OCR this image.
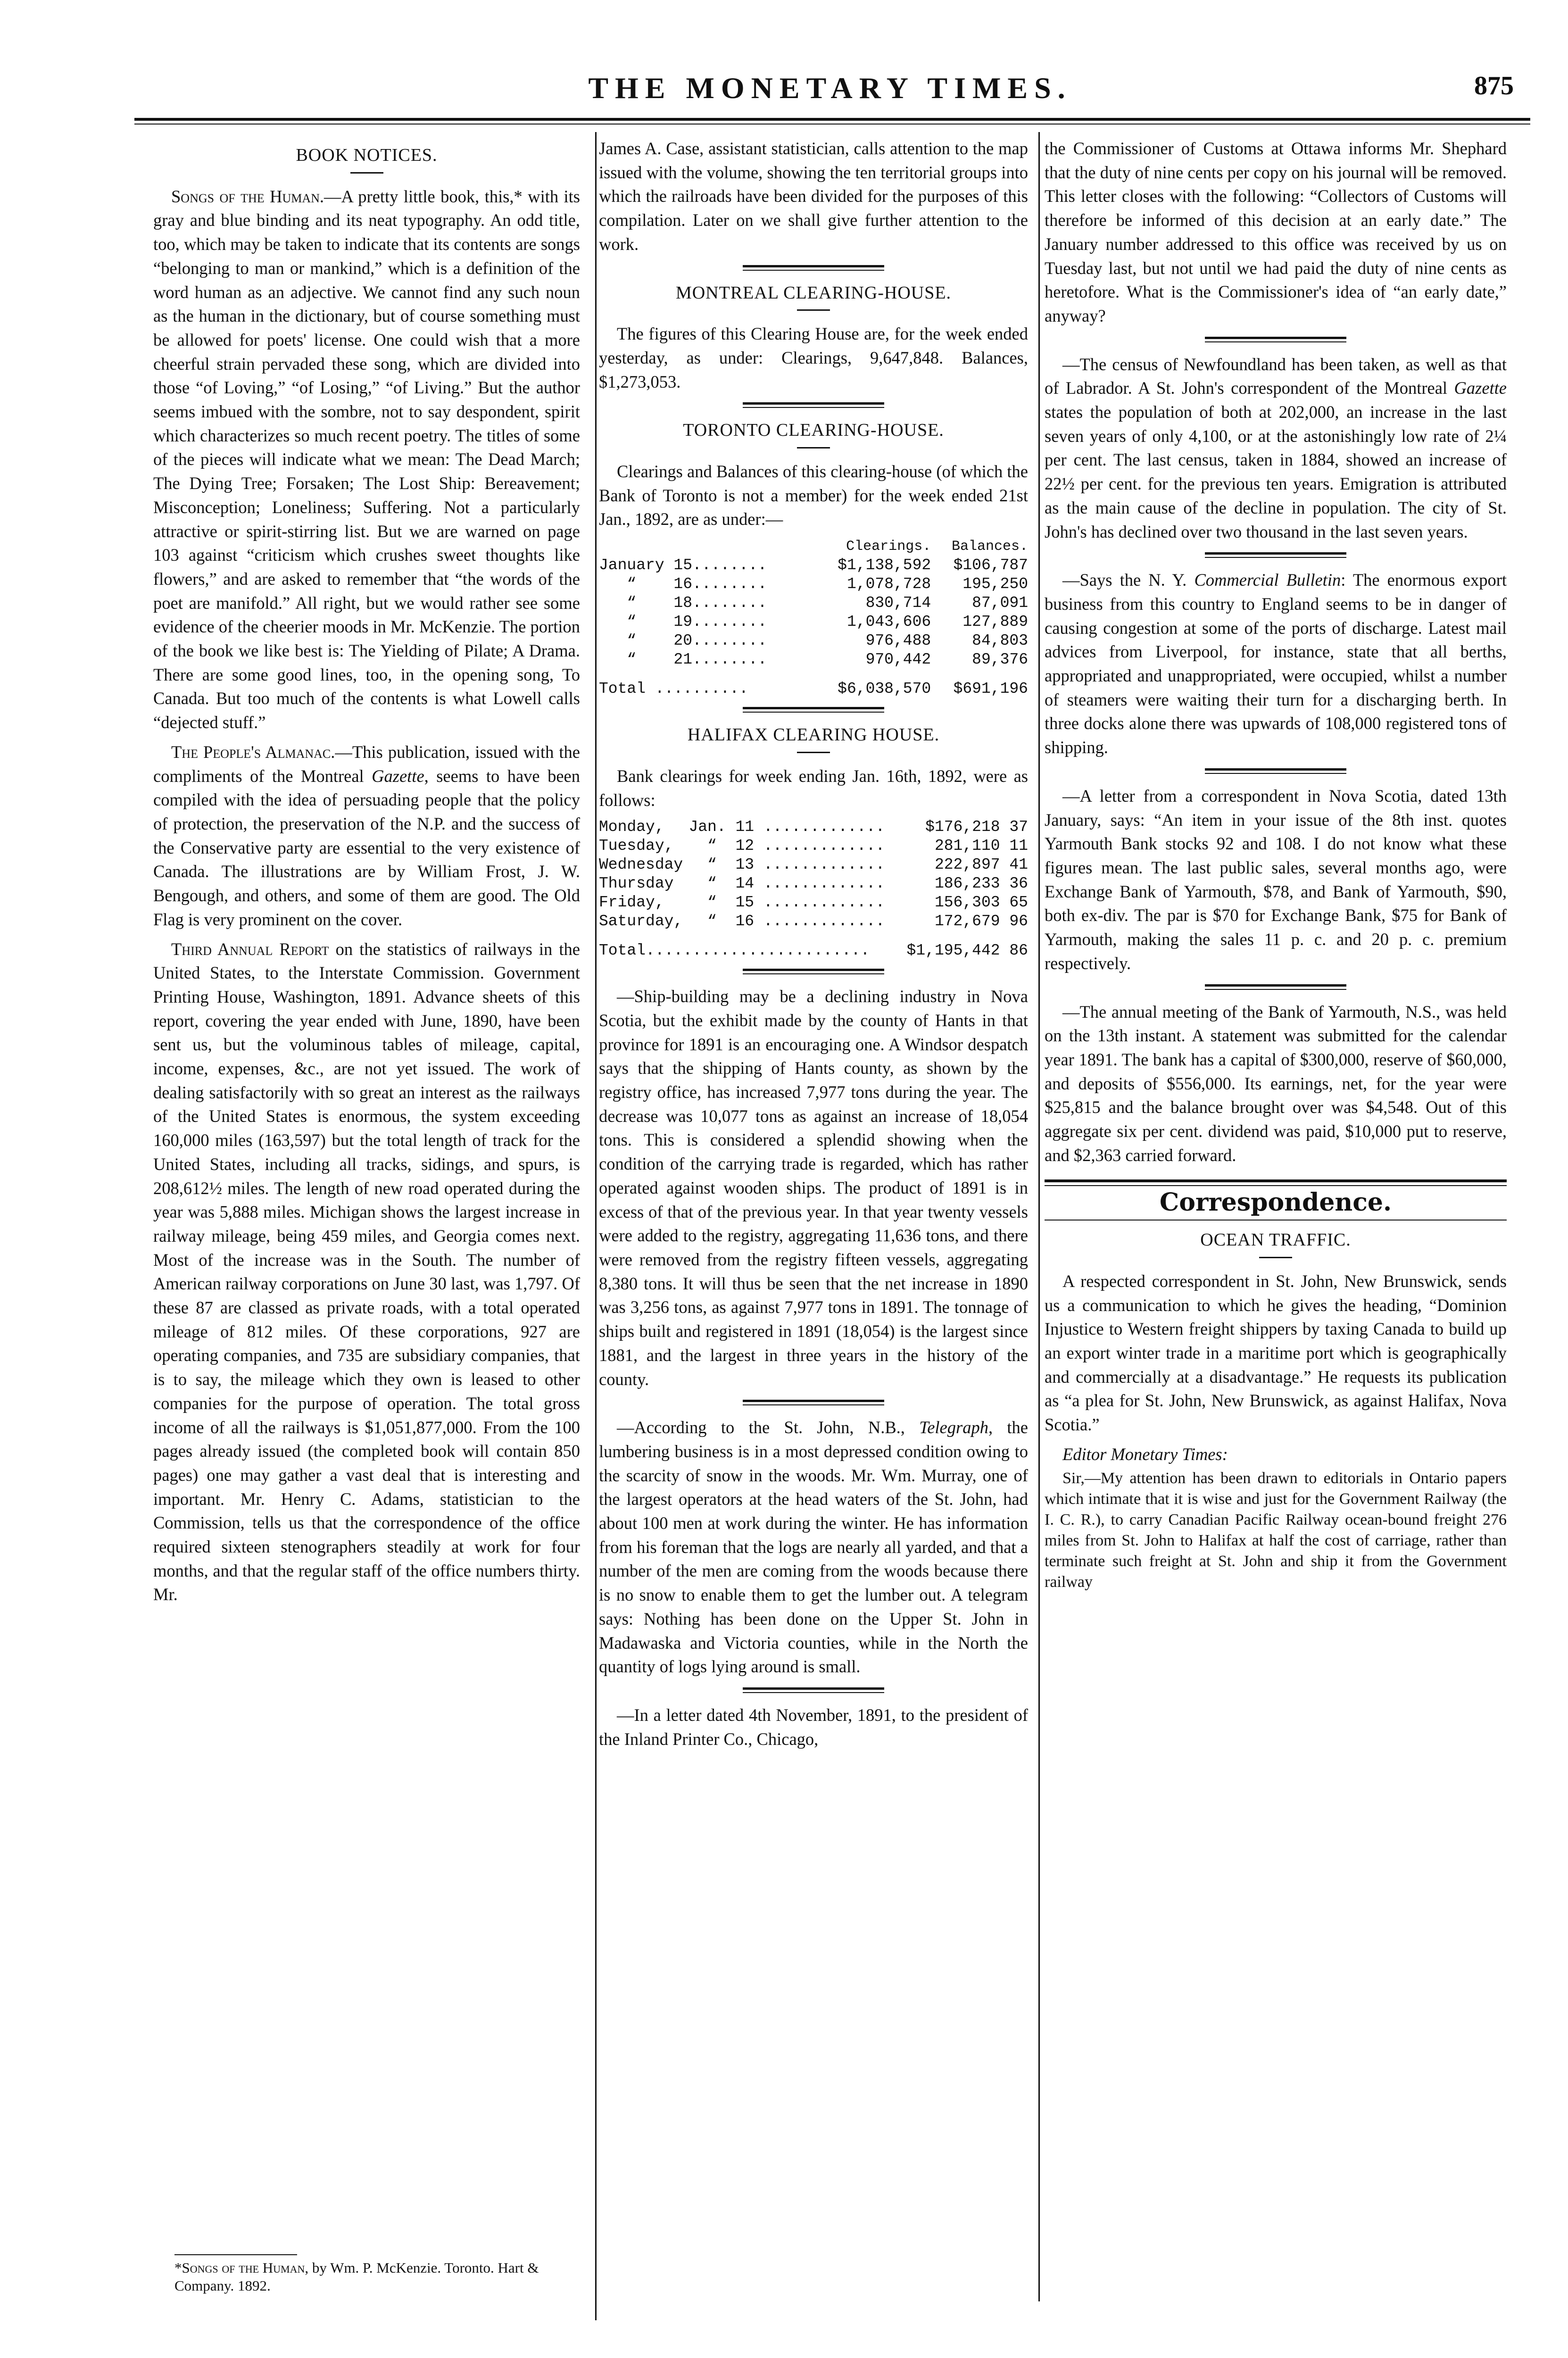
THE MONETARY TIMES.	875
BOOK NOTICES.

Songs of the Human.—A pretty little book, this,* with its gray and blue binding and its neat typography. An odd title, too, which may be taken to indicate that its contents are songs “belonging to man or mankind,” which is a definition of the word human as an adjective. We cannot find any such noun as the human in the dictionary, but of course something must be allowed for poets' license. One could wish that a more cheerful strain pervaded these song, which are divided into those “of Loving,” “of Losing,” “of Living.” But the author seems imbued with the sombre, not to say despondent, spirit which characterizes so much recent poetry. The titles of some of the pieces will indicate what we mean: The Dead March; The Dying Tree; Forsaken; The Lost Ship: Bereavement; Misconception; Loneliness; Suffering. Not a particularly attractive or spirit-stirring list. But we are warned on page 103 against “criticism which crushes sweet thoughts like flowers,” and are asked to remember that “the words of the poet are manifold.” All right, but we would rather see some evidence of the cheerier moods in Mr. McKenzie. The portion of the book we like best is: The Yielding of Pilate; A Drama. There are some good lines, too, in the opening song, To Canada. But too much of the contents is what Lowell calls “dejected stuff.”

The People's Almanac.—This publication, issued with the compliments of the Montreal Gazette, seems to have been compiled with the idea of persuading people that the policy of protection, the preservation of the N.P. and the success of the Conservative party are essential to the very existence of Canada. The illustrations are by William Frost, J. W. Bengough, and others, and some of them are good. The Old Flag is very prominent on the cover.

Third Annual Report on the statistics of railways in the United States, to the Interstate Commission. Government Printing House, Washington, 1891. Advance sheets of this report, covering the year ended with June, 1890, have been sent us, but the voluminous tables of mileage, capital, income, expenses, &c., are not yet issued. The work of dealing satisfactorily with so great an interest as the railways of the United States is enormous, the system exceeding 160,000 miles (163,597) but the total length of track for the United States, including all tracks, sidings, and spurs, is 208,612½ miles. The length of new road operated during the year was 5,888 miles. Michigan shows the largest increase in railway mileage, being 459 miles, and Georgia comes next. Most of the increase was in the South. The number of American railway corporations on June 30 last, was 1,797. Of these 87 are classed as private roads, with a total operated mileage of 812 miles. Of these corporations, 927 are operating companies, and 735 are subsidiary companies, that is to say, the mileage which they own is leased to other companies for the purpose of operation. The total gross income of all the railways is $1,051,877,000. From the 100 pages already issued (the completed book will contain 850 pages) one may gather a vast deal that is interesting and important. Mr. Henry C. Adams, statistician to the Commission, tells us that the correspondence of the office required sixteen stenographers steadily at work for four months, and that the regular staff of the office numbers thirty. Mr.

*Songs of the Human, by Wm. P. McKenzie. Toronto. Hart & Company. 1892.

James A. Case, assistant statistician, calls attention to the map issued with the volume, showing the ten territorial groups into which the railroads have been divided for the purposes of this compilation. Later on we shall give further attention to the work.

MONTREAL CLEARING-HOUSE.

The figures of this Clearing House are, for the week ended yesterday, as under: Clearings, 9,647,848. Balances, $1,273,053.

TORONTO CLEARING-HOUSE.

Clearings and Balances of this clearing-house (of which the Bank of Toronto is not a member) for the week ended 21st Jan., 1892, are as under:—

	Clearings.	Balances.
January 15........	$1,138,592	$106,787
“    16........	1,078,728	195,250
“    18........	830,714	87,091
“    19........	1,043,606	127,889
“    20........	976,488	84,803
“    21........	970,442	89,376
Total ..........	$6,038,570	$691,196
HALIFAX CLEARING HOUSE.

Bank clearings for week ending Jan. 16th, 1892, were as follows:

Monday,	Jan. 11 .............	$176,218 37
Tuesday,	“  12 .............	281,110 11
Wednesday	“  13 .............	222,897 41
Thursday	“  14 .............	186,233 36
Friday,	“  15 .............	156,303 65
Saturday,	“  16 .............	172,679 96
Total........................		$1,195,442 86

—Ship-building may be a declining industry in Nova Scotia, but the exhibit made by the county of Hants in that province for 1891 is an encouraging one. A Windsor despatch says that the shipping of Hants county, as shown by the registry office, has increased 7,977 tons during the year. The decrease was 10,077 tons as against an increase of 18,054 tons. This is considered a splendid showing when the condition of the carrying trade is regarded, which has rather operated against wooden ships. The product of 1891 is in excess of that of the previous year. In that year twenty vessels were added to the registry, aggregating 11,636 tons, and there were removed from the registry fifteen vessels, aggregating 8,380 tons. It will thus be seen that the net increase in 1890 was 3,256 tons, as against 7,977 tons in 1891. The tonnage of ships built and registered in 1891 (18,054) is the largest since 1881, and the largest in three years in the history of the county.

—According to the St. John, N.B., Telegraph, the lumbering business is in a most depressed condition owing to the scarcity of snow in the woods. Mr. Wm. Murray, one of the largest operators at the head waters of the St. John, had about 100 men at work during the winter. He has information from his foreman that the logs are nearly all yarded, and that a number of the men are coming from the woods because there is no snow to enable them to get the lumber out. A telegram says: Nothing has been done on the Upper St. John in Madawaska and Victoria counties, while in the North the quantity of logs lying around is small.

—In a letter dated 4th November, 1891, to the president of the Inland Printer Co., Chicago,

the Commissioner of Customs at Ottawa informs Mr. Shephard that the duty of nine cents per copy on his journal will be removed. This letter closes with the following: “Collectors of Customs will therefore be informed of this decision at an early date.” The January number addressed to this office was received by us on Tuesday last, but not until we had paid the duty of nine cents as heretofore. What is the Commissioner's idea of “an early date,” anyway?

—The census of Newfoundland has been taken, as well as that of Labrador. A St. John's correspondent of the Montreal Gazette states the population of both at 202,000, an increase in the last seven years of only 4,100, or at the astonishingly low rate of 2¼ per cent. The last census, taken in 1884, showed an increase of 22½ per cent. for the previous ten years. Emigration is attributed as the main cause of the decline in population. The city of St. John's has declined over two thousand in the last seven years.

—Says the N. Y. Commercial Bulletin: The enormous export business from this country to England seems to be in danger of causing congestion at some of the ports of discharge. Latest mail advices from Liverpool, for instance, state that all berths, appropriated and unappropriated, were occupied, whilst a number of steamers were waiting their turn for a discharging berth. In three docks alone there was upwards of 108,000 registered tons of shipping.

—A letter from a correspondent in Nova Scotia, dated 13th January, says: “An item in your issue of the 8th inst. quotes Yarmouth Bank stocks 92 and 108. I do not know what these figures mean. The last public sales, several months ago, were Exchange Bank of Yarmouth, $78, and Bank of Yarmouth, $90, both ex-div. The par is $70 for Exchange Bank, $75 for Bank of Yarmouth, making the sales 11 p. c. and 20 p. c. premium respectively.

—The annual meeting of the Bank of Yarmouth, N.S., was held on the 13th instant. A statement was submitted for the calendar year 1891. The bank has a capital of $300,000, reserve of $60,000, and deposits of $556,000. Its earnings, net, for the year were $25,815 and the balance brought over was $4,548. Out of this aggregate six per cent. dividend was paid, $10,000 put to reserve, and $2,363 carried forward.

Correspondence.
OCEAN TRAFFIC.

A respected correspondent in St. John, New Brunswick, sends us a communication to which he gives the heading, “Dominion Injustice to Western freight shippers by taxing Canada to build up an export winter trade in a maritime port which is geographically and commercially at a disadvantage.” He requests its publication as “a plea for St. John, New Brunswick, as against Halifax, Nova Scotia.”

Editor Monetary Times:

Sir,—My attention has been drawn to editorials in Ontario papers which intimate that it is wise and just for the Government Railway (the I. C. R.), to carry Canadian Pacific Railway ocean-bound freight 276 miles from St. John to Halifax at half the cost of carriage, rather than terminate such freight at St. John and ship it from the Government railway
